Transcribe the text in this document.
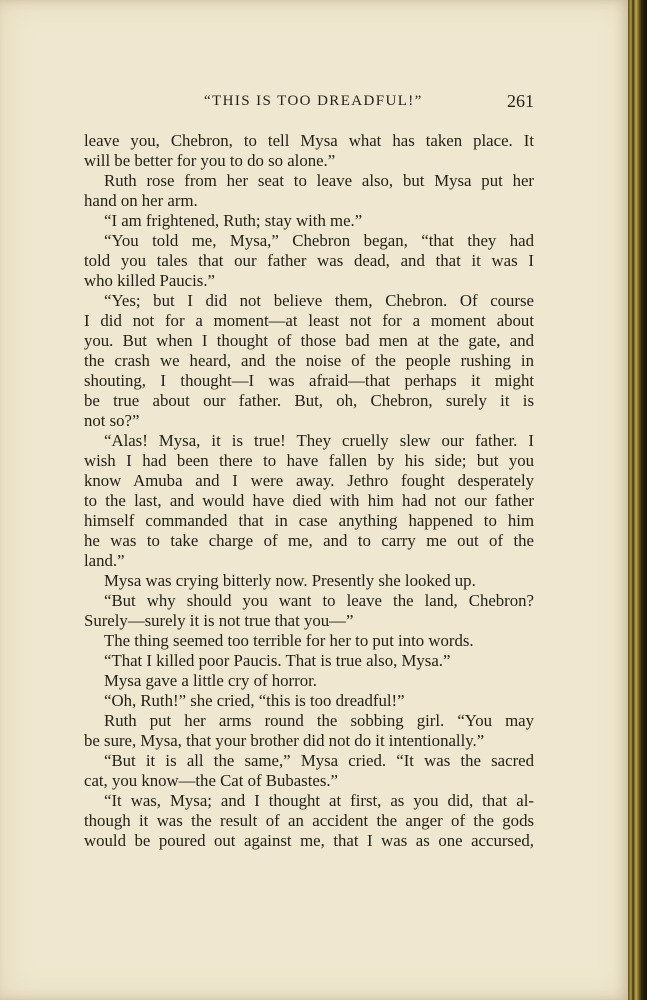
“THIS IS TOO DREADFUL!”	261
leave you, Chebron, to tell Mysa what has taken place. It
will be better for you to do so alone.”
Ruth rose from her seat to leave also, but Mysa put her
hand on her arm.
“I am frightened, Ruth; stay with me.”
“You told me, Mysa,” Chebron began, “that they had
told you tales that our father was dead, and that it was I
who killed Paucis.”
“Yes; but I did not believe them, Chebron. Of course
I did not for a moment—at least not for a moment about
you. But when I thought of those bad men at the gate, and
the crash we heard, and the noise of the people rushing in
shouting, I thought—I was afraid—that perhaps it might
be true about our father. But, oh, Chebron, surely it is
not so?”
“Alas! Mysa, it is true! They cruelly slew our father. I
wish I had been there to have fallen by his side; but you
know Amuba and I were away. Jethro fought desperately
to the last, and would have died with him had not our father
himself commanded that in case anything happened to him
he was to take charge of me, and to carry me out of the
land.”
Mysa was crying bitterly now. Presently she looked up.
“But why should you want to leave the land, Chebron?
Surely—surely it is not true that you—”
The thing seemed too terrible for her to put into words.
“That I killed poor Paucis. That is true also, Mysa.”
Mysa gave a little cry of horror.
“Oh, Ruth!” she cried, “this is too dreadful!”
Ruth put her arms round the sobbing girl. “You may
be sure, Mysa, that your brother did not do it intentionally.”
“But it is all the same,” Mysa cried. “It was the sacred
cat, you know—the Cat of Bubastes.”
“It was, Mysa; and I thought at first, as you did, that al-
though it was the result of an accident the anger of the gods
would be poured out against me, that I was as one accursed,
